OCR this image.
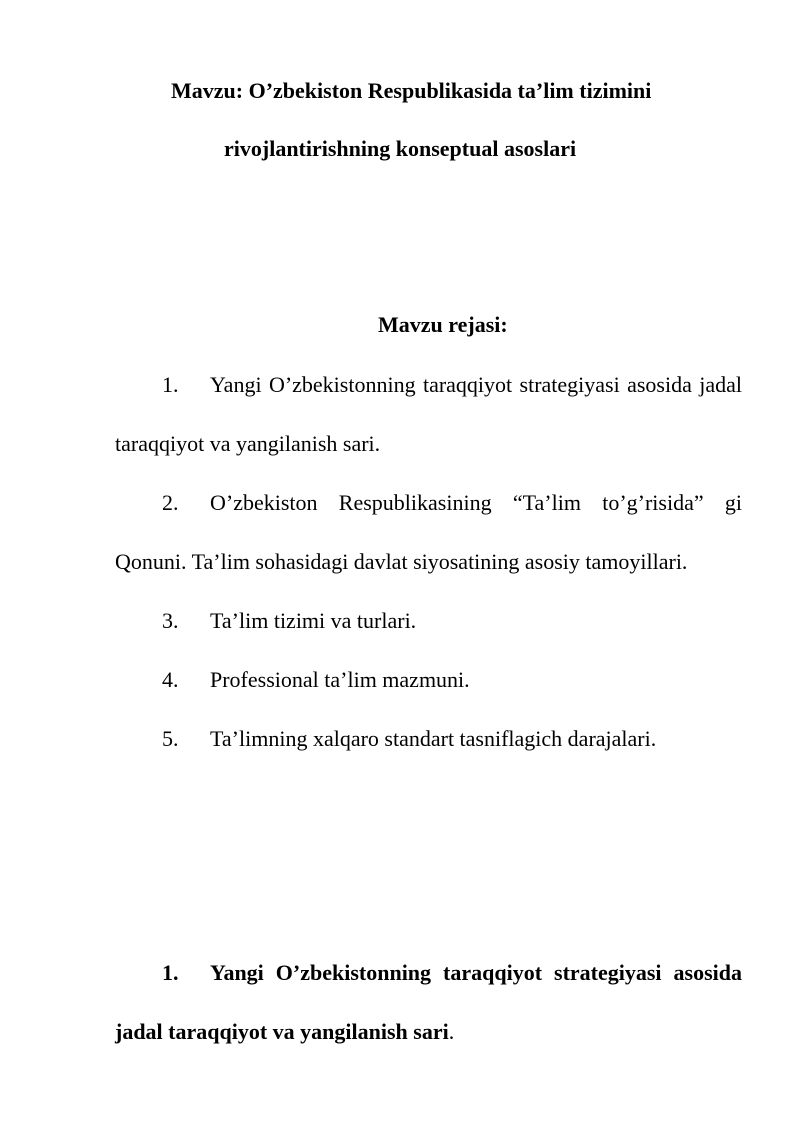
Mavzu: O’zbekiston Respublikasida ta’lim tizimini

rivojlantirishning konseptual asoslari

Mavzu rejasi:

1. Yangi O’zbekistonning taraqqiyot strategiyasi asosida jadal taraqqiyot va yangilanish sari.
2. O’zbekiston Respublikasining “Ta’lim to’g’risida” gi Qonuni. Ta’lim sohasidagi davlat siyosatining asosiy tamoyillari.
3. Ta’lim tizimi va turlari.
4. Professional ta’lim mazmuni.
5. Ta’limning xalqaro standart tasniflagich darajalari.

1. Yangi O’zbekistonning taraqqiyot strategiyasi asosida jadal taraqqiyot va yangilanish sari.
